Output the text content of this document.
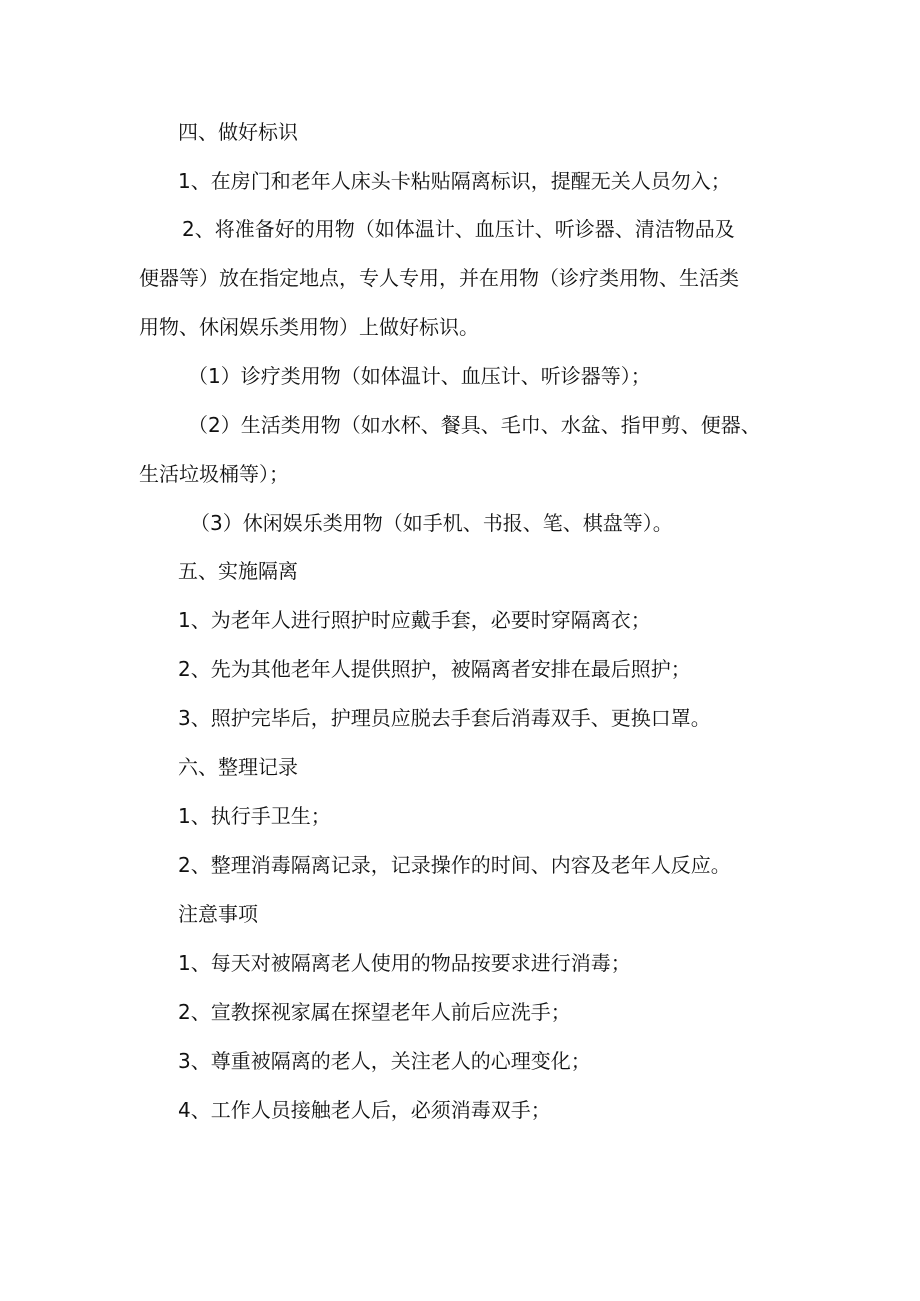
四、做好标识
1、在房门和老年人床头卡粘贴隔离标识，提醒无关人员勿入；
2、将准备好的用物（如体温计、血压计、听诊器、清洁物品及
便器等）放在指定地点，专人专用，并在用物（诊疗类用物、生活类
用物、休闲娱乐类用物）上做好标识。
（1）诊疗类用物（如体温计、血压计、听诊器等）；
（2）生活类用物（如水杯、餐具、毛巾、水盆、指甲剪、便器、
生活垃圾桶等）；
（3）休闲娱乐类用物（如手机、书报、笔、棋盘等）。
五、实施隔离
1、为老年人进行照护时应戴手套，必要时穿隔离衣；
2、先为其他老年人提供照护，被隔离者安排在最后照护；
3、照护完毕后，护理员应脱去手套后消毒双手、更换口罩。
六、整理记录
1、执行手卫生；
2、整理消毒隔离记录，记录操作的时间、内容及老年人反应。
注意事项
1、每天对被隔离老人使用的物品按要求进行消毒；
2、宣教探视家属在探望老年人前后应洗手；
3、尊重被隔离的老人，关注老人的心理变化；
4、工作人员接触老人后，必须消毒双手；
